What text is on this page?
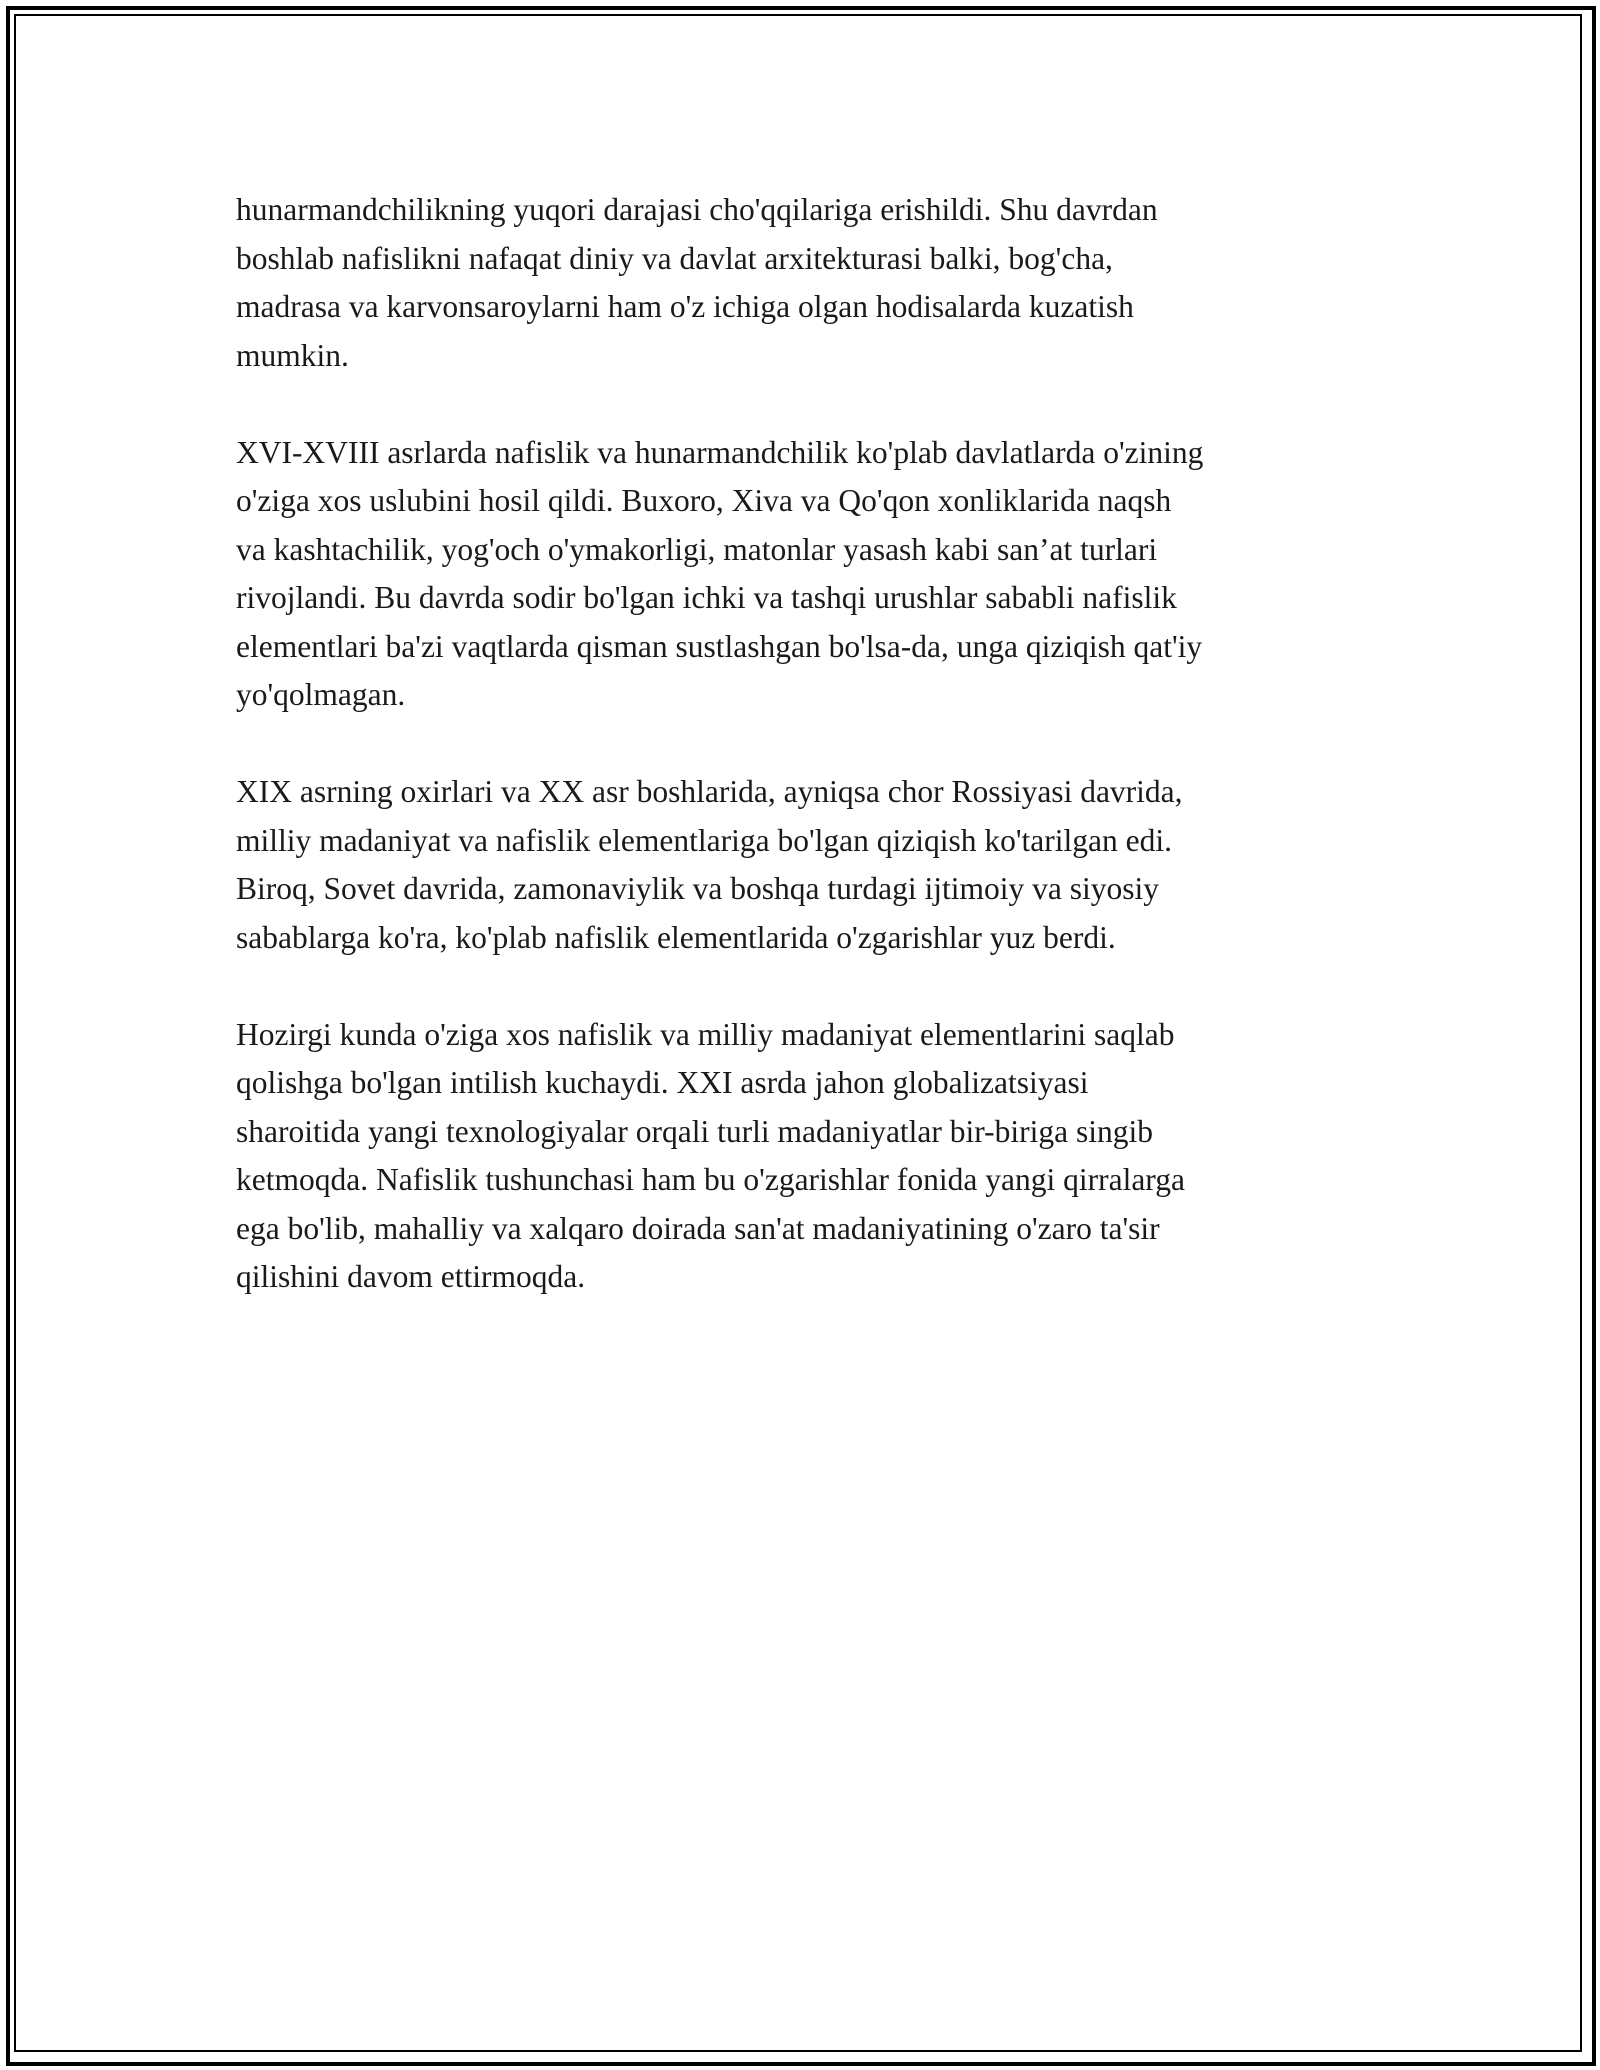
hunarmandchilikning yuqori darajasi cho'qqilariga erishildi. Shu davrdan
boshlab nafislikni nafaqat diniy va davlat arxitekturasi balki, bog'cha,
madrasa va karvonsaroylarni ham o'z ichiga olgan hodisalarda kuzatish
mumkin.

XVI-XVIII asrlarda nafislik va hunarmandchilik ko'plab davlatlarda o'zining
o'ziga xos uslubini hosil qildi. Buxoro, Xiva va Qo'qon xonliklarida naqsh
va kashtachilik, yog'och o'ymakorligi, matonlar yasash kabi san’at turlari
rivojlandi. Bu davrda sodir bo'lgan ichki va tashqi urushlar sababli nafislik
elementlari ba'zi vaqtlarda qisman sustlashgan bo'lsa-da, unga qiziqish qat'iy
yo'qolmagan.

XIX asrning oxirlari va XX asr boshlarida, ayniqsa chor Rossiyasi davrida,
milliy madaniyat va nafislik elementlariga bo'lgan qiziqish ko'tarilgan edi.
Biroq, Sovet davrida, zamonaviylik va boshqa turdagi ijtimoiy va siyosiy
sabablarga ko'ra, ko'plab nafislik elementlarida o'zgarishlar yuz berdi.

Hozirgi kunda o'ziga xos nafislik va milliy madaniyat elementlarini saqlab
qolishga bo'lgan intilish kuchaydi. XXI asrda jahon globalizatsiyasi
sharoitida yangi texnologiyalar orqali turli madaniyatlar bir-biriga singib
ketmoqda. Nafislik tushunchasi ham bu o'zgarishlar fonida yangi qirralarga
ega bo'lib, mahalliy va xalqaro doirada san'at madaniyatining o'zaro ta'sir
qilishini davom ettirmoqda.
